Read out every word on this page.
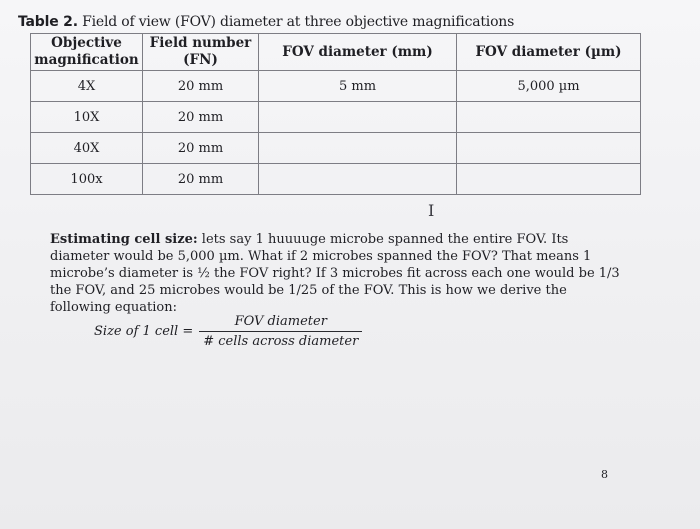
Table 2. Field of view (FOV) diameter at three objective magnifications
Objective magnification	Field number (FN)	FOV diameter (mm)	FOV diameter (µm)
4X	20 mm	5 mm	5,000 µm
10X	20 mm		
40X	20 mm		
100x	20 mm		
I
Estimating cell size: lets say 1 huuuuge microbe spanned the entire FOV. Its diameter would be 5,000 µm. What if 2 microbes spanned the FOV? That means 1 microbe’s diameter is ½ the FOV right? If 3 microbes fit across each one would be 1/3 the FOV, and 25 microbes would be 1/25 of the FOV. This is how we derive the following equation:
Size of 1 cell = $\frac{\text{FOV diameter}}{\text{\# cells across diameter}}$
8
